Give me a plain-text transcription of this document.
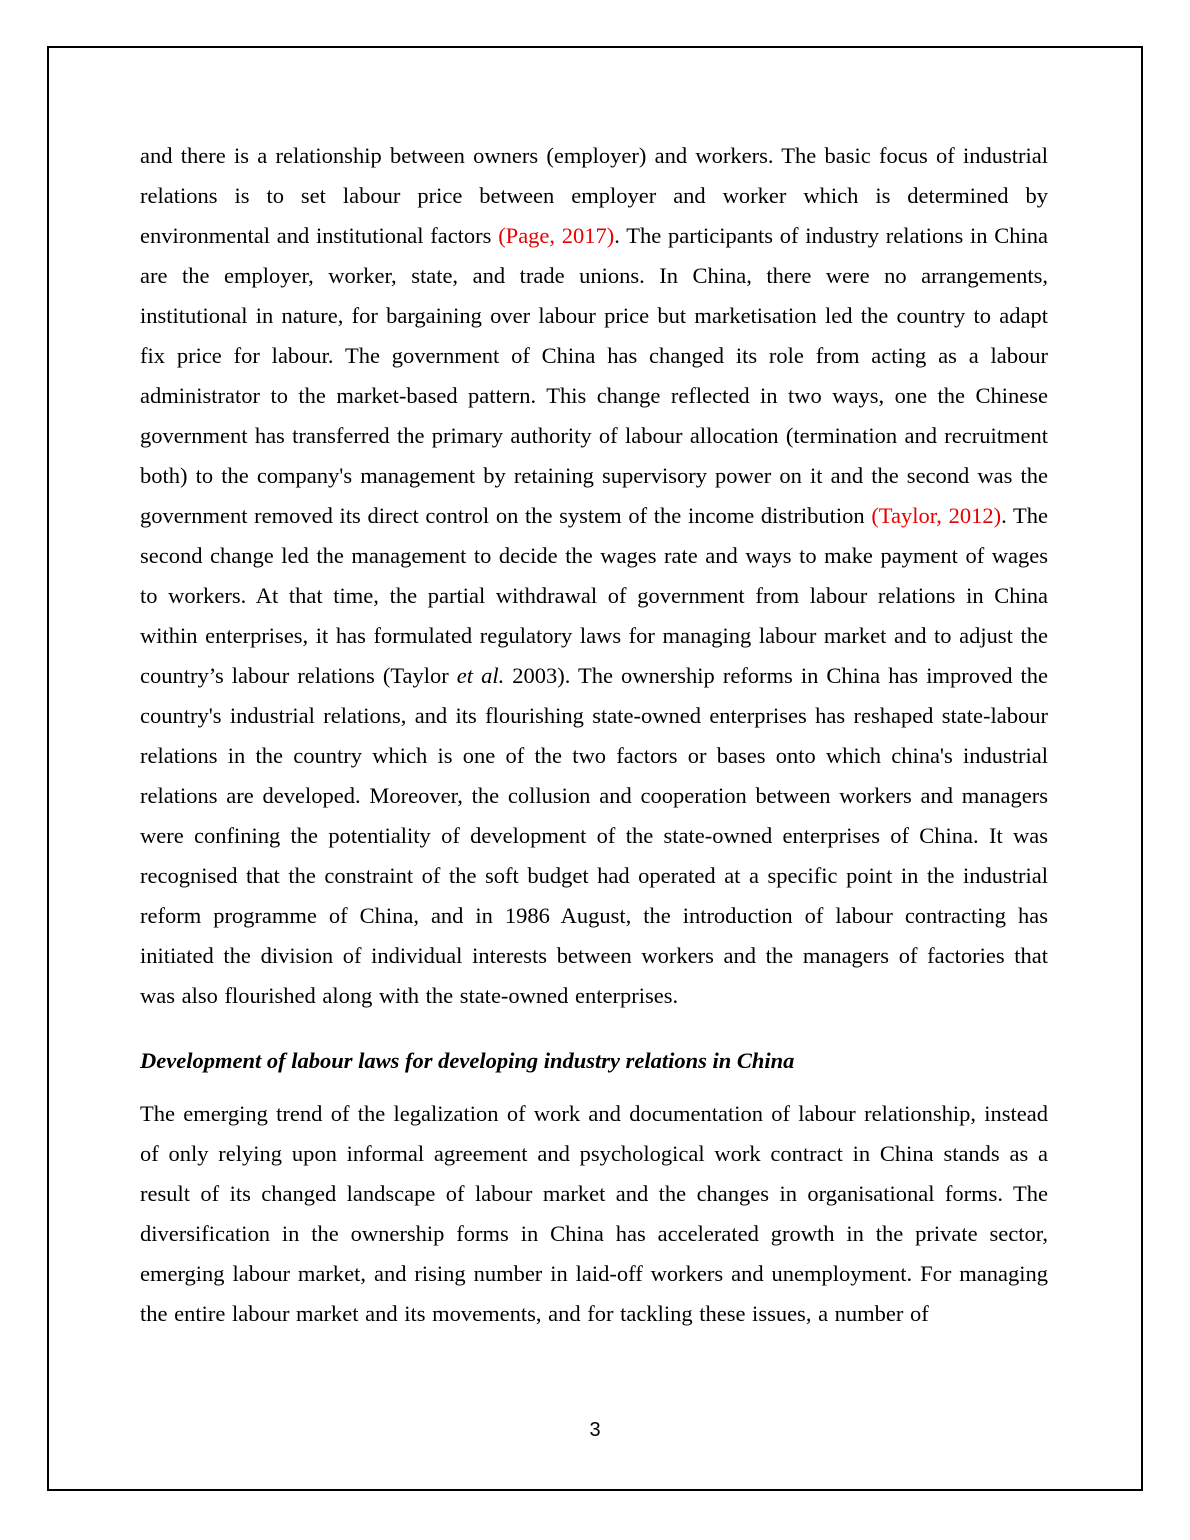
and there is a relationship between owners (employer) and workers. The basic focus of industrial relations is to set labour price between employer and worker which is determined by environmental and institutional factors (Page, 2017). The participants of industry relations in China are the employer, worker, state, and trade unions. In China, there were no arrangements, institutional in nature, for bargaining over labour price but marketisation led the country to adapt fix price for labour. The government of China has changed its role from acting as a labour administrator to the market-based pattern. This change reflected in two ways, one the Chinese government has transferred the primary authority of labour allocation (termination and recruitment both) to the company's management by retaining supervisory power on it and the second was the government removed its direct control on the system of the income distribution (Taylor, 2012). The second change led the management to decide the wages rate and ways to make payment of wages to workers. At that time, the partial withdrawal of government from labour relations in China within enterprises, it has formulated regulatory laws for managing labour market and to adjust the country’s labour relations (Taylor et al. 2003). The ownership reforms in China has improved the country's industrial relations, and its flourishing state-owned enterprises has reshaped state-labour relations in the country which is one of the two factors or bases onto which china's industrial relations are developed. Moreover, the collusion and cooperation between workers and managers were confining the potentiality of development of the state-owned enterprises of China. It was recognised that the constraint of the soft budget had operated at a specific point in the industrial reform programme of China, and in 1986 August, the introduction of labour contracting has initiated the division of individual interests between workers and the managers of factories that was also flourished along with the state-owned enterprises.

Development of labour laws for developing industry relations in China

The emerging trend of the legalization of work and documentation of labour relationship, instead of only relying upon informal agreement and psychological work contract in China stands as a result of its changed landscape of labour market and the changes in organisational forms. The diversification in the ownership forms in China has accelerated growth in the private sector, emerging labour market, and rising number in laid-off workers and unemployment. For managing the entire labour market and its movements, and for tackling these issues, a number of

3
